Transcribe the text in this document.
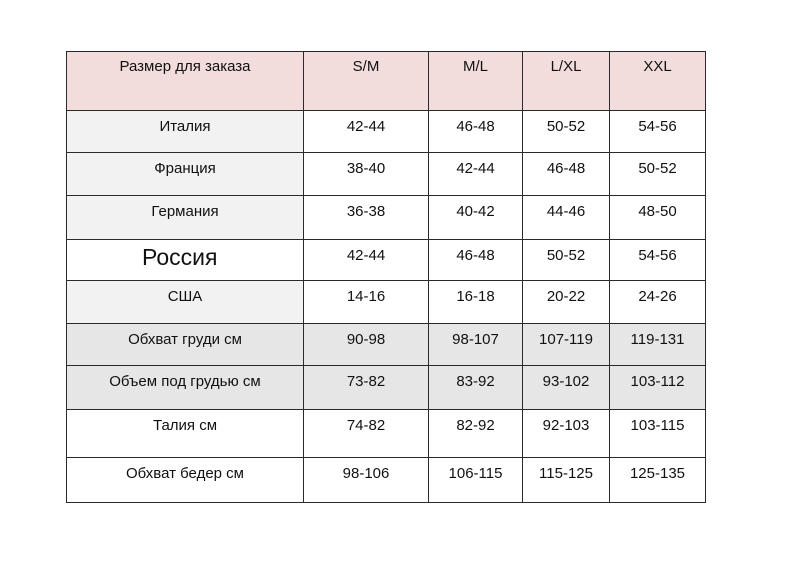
Размер для заказа	S/M	M/L	L/XL	XXL

Италия	42-44	46-48	50-52	54-56

Франция	38-40	42-44	46-48	50-52

Германия	36-38	40-42	44-46	48-50

Россия	42-44	46-48	50-52	54-56

США	14-16	16-18	20-22	24-26

Обхват груди см	90-98	98-107	107-119	119-131

Объем под грудью см	73-82	83-92	93-102	103-112

Талия см	74-82	82-92	92-103	103-115

Обхват бедер см	98-106	106-115	115-125	125-135
